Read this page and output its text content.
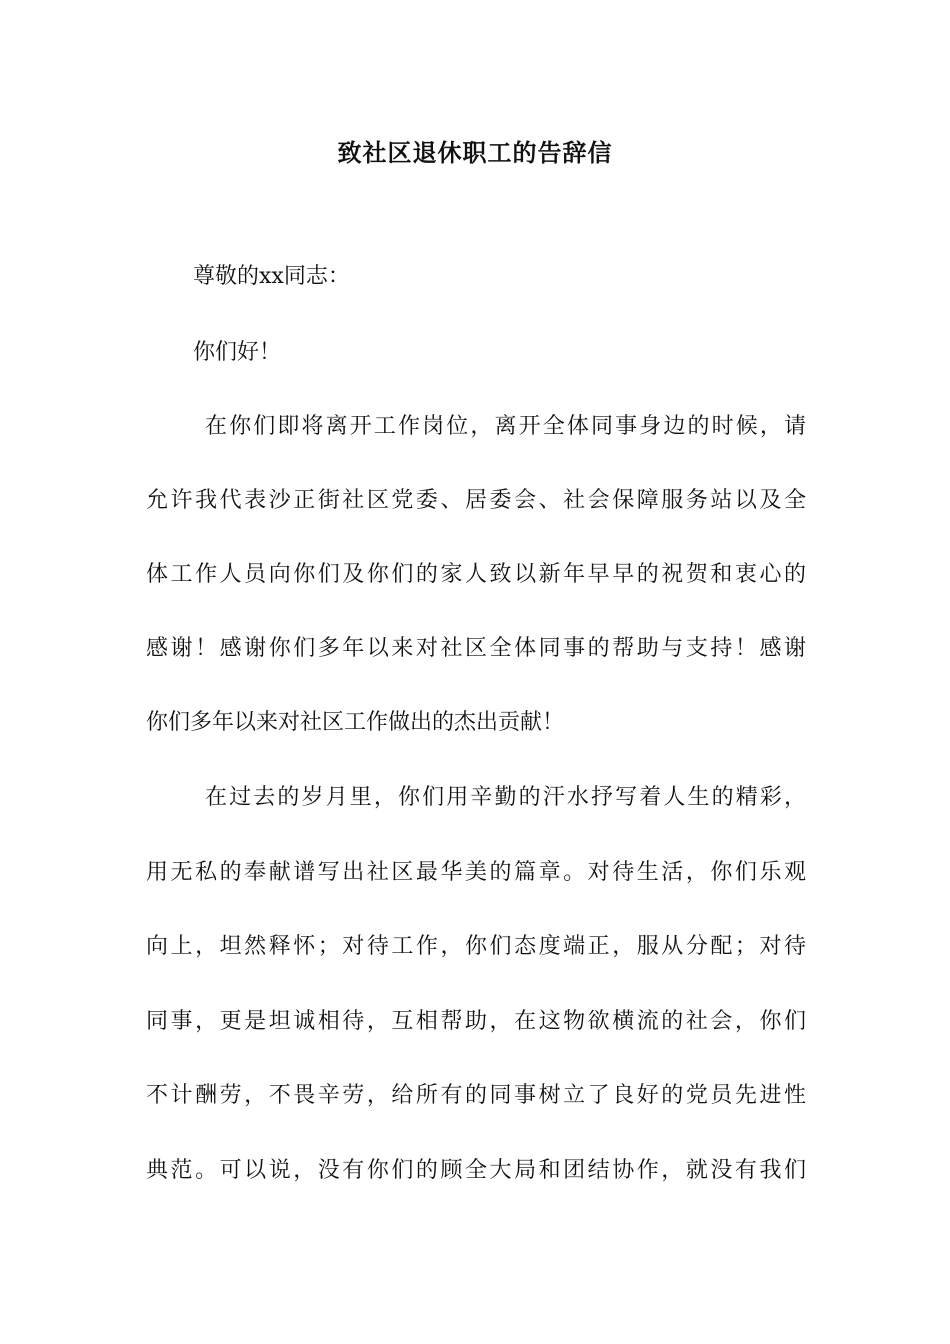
致社区退休职工的告辞信
尊敬的xx同志：
你们好！
在你们即将离开工作岗位，离开全体同事身边的时候，请
允许我代表沙正街社区党委、居委会、社会保障服务站以及全
体工作人员向你们及你们的家人致以新年早早的祝贺和衷心的
感谢！感谢你们多年以来对社区全体同事的帮助与支持！感谢
你们多年以来对社区工作做出的杰出贡献！
在过去的岁月里，你们用辛勤的汗水抒写着人生的精彩，
用无私的奉献谱写出社区最华美的篇章。对待生活，你们乐观
向上，坦然释怀；对待工作，你们态度端正，服从分配；对待
同事，更是坦诚相待，互相帮助，在这物欲横流的社会，你们
不计酬劳，不畏辛劳，给所有的同事树立了良好的党员先进性
典范。可以说，没有你们的顾全大局和团结协作，就没有我们
